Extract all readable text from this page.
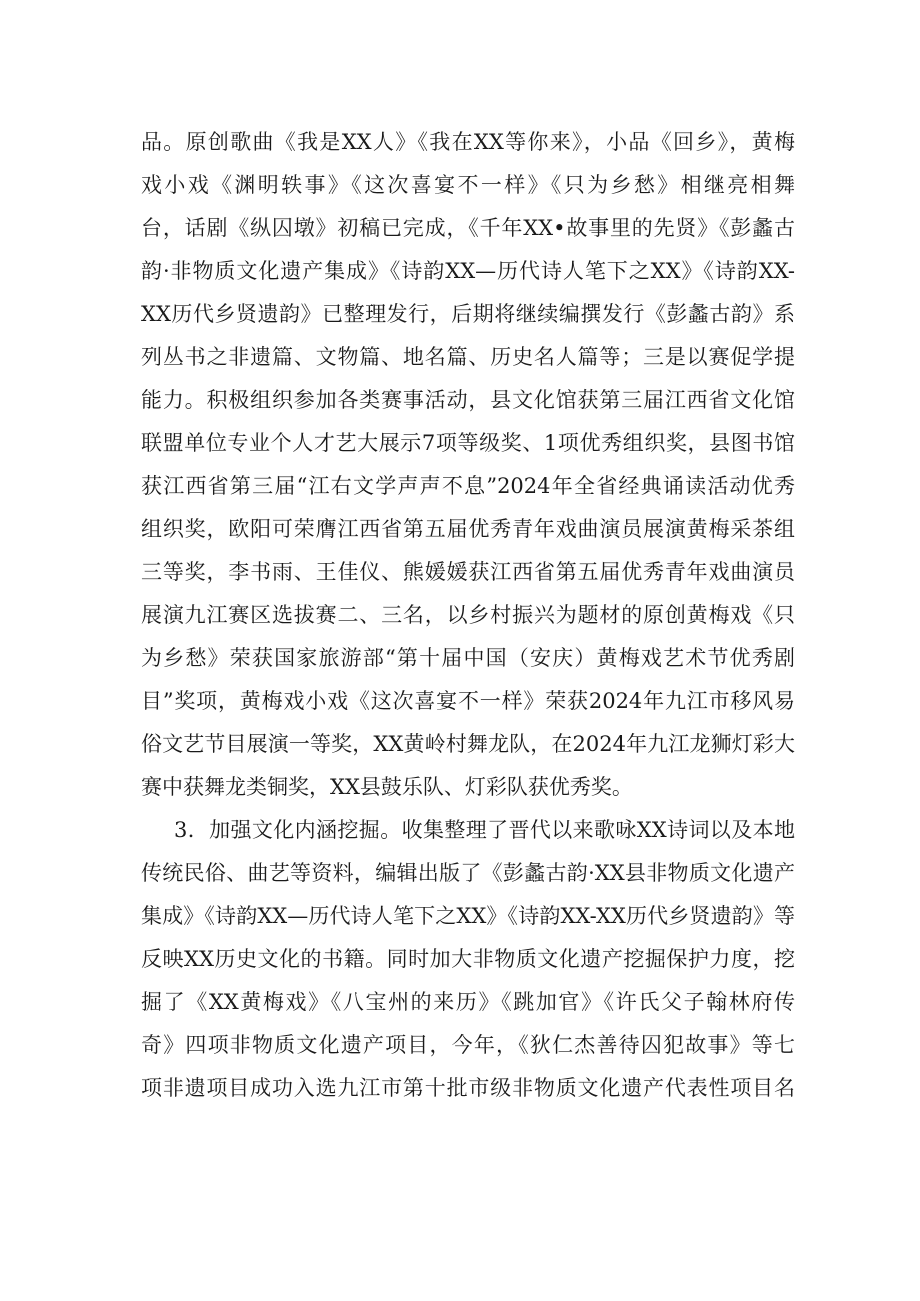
品。原创歌曲《我是XX人》《我在XX等你来》，小品《回乡》，黄梅
戏小戏《渊明轶事》《这次喜宴不一样》《只为乡愁》相继亮相舞
台，话剧《纵囚墩》初稿已完成，《千年XX•故事里的先贤》《彭蠡古
韵·非物质文化遗产集成》《诗韵XX—历代诗人笔下之XX》《诗韵XX-
XX历代乡贤遗韵》已整理发行，后期将继续编撰发行《彭蠡古韵》系
列丛书之非遗篇、文物篇、地名篇、历史名人篇等；三是以赛促学提
能力。积极组织参加各类赛事活动，县文化馆获第三届江西省文化馆
联盟单位专业个人才艺大展示7项等级奖、1项优秀组织奖，县图书馆
获江西省第三届“江右文学声声不息”2024年全省经典诵读活动优秀
组织奖，欧阳可荣膺江西省第五届优秀青年戏曲演员展演黄梅采茶组
三等奖，李书雨、王佳仪、熊媛媛获江西省第五届优秀青年戏曲演员
展演九江赛区选拔赛二、三名，以乡村振兴为题材的原创黄梅戏《只
为乡愁》荣获国家旅游部“第十届中国（安庆）黄梅戏艺术节优秀剧
目”奖项，黄梅戏小戏《这次喜宴不一样》荣获2024年九江市移风易
俗文艺节目展演一等奖，XX黄岭村舞龙队，在2024年九江龙狮灯彩大
赛中获舞龙类铜奖，XX县鼓乐队、灯彩队获优秀奖。
3．加强文化内涵挖掘。收集整理了晋代以来歌咏XX诗词以及本地
传统民俗、曲艺等资料，编辑出版了《彭蠡古韵·XX县非物质文化遗产
集成》《诗韵XX—历代诗人笔下之XX》《诗韵XX-XX历代乡贤遗韵》等
反映XX历史文化的书籍。同时加大非物质文化遗产挖掘保护力度，挖
掘了《XX黄梅戏》《八宝州的来历》《跳加官》《许氏父子翰林府传
奇》四项非物质文化遗产项目，今年，《狄仁杰善待囚犯故事》等七
项非遗项目成功入选九江市第十批市级非物质文化遗产代表性项目名
